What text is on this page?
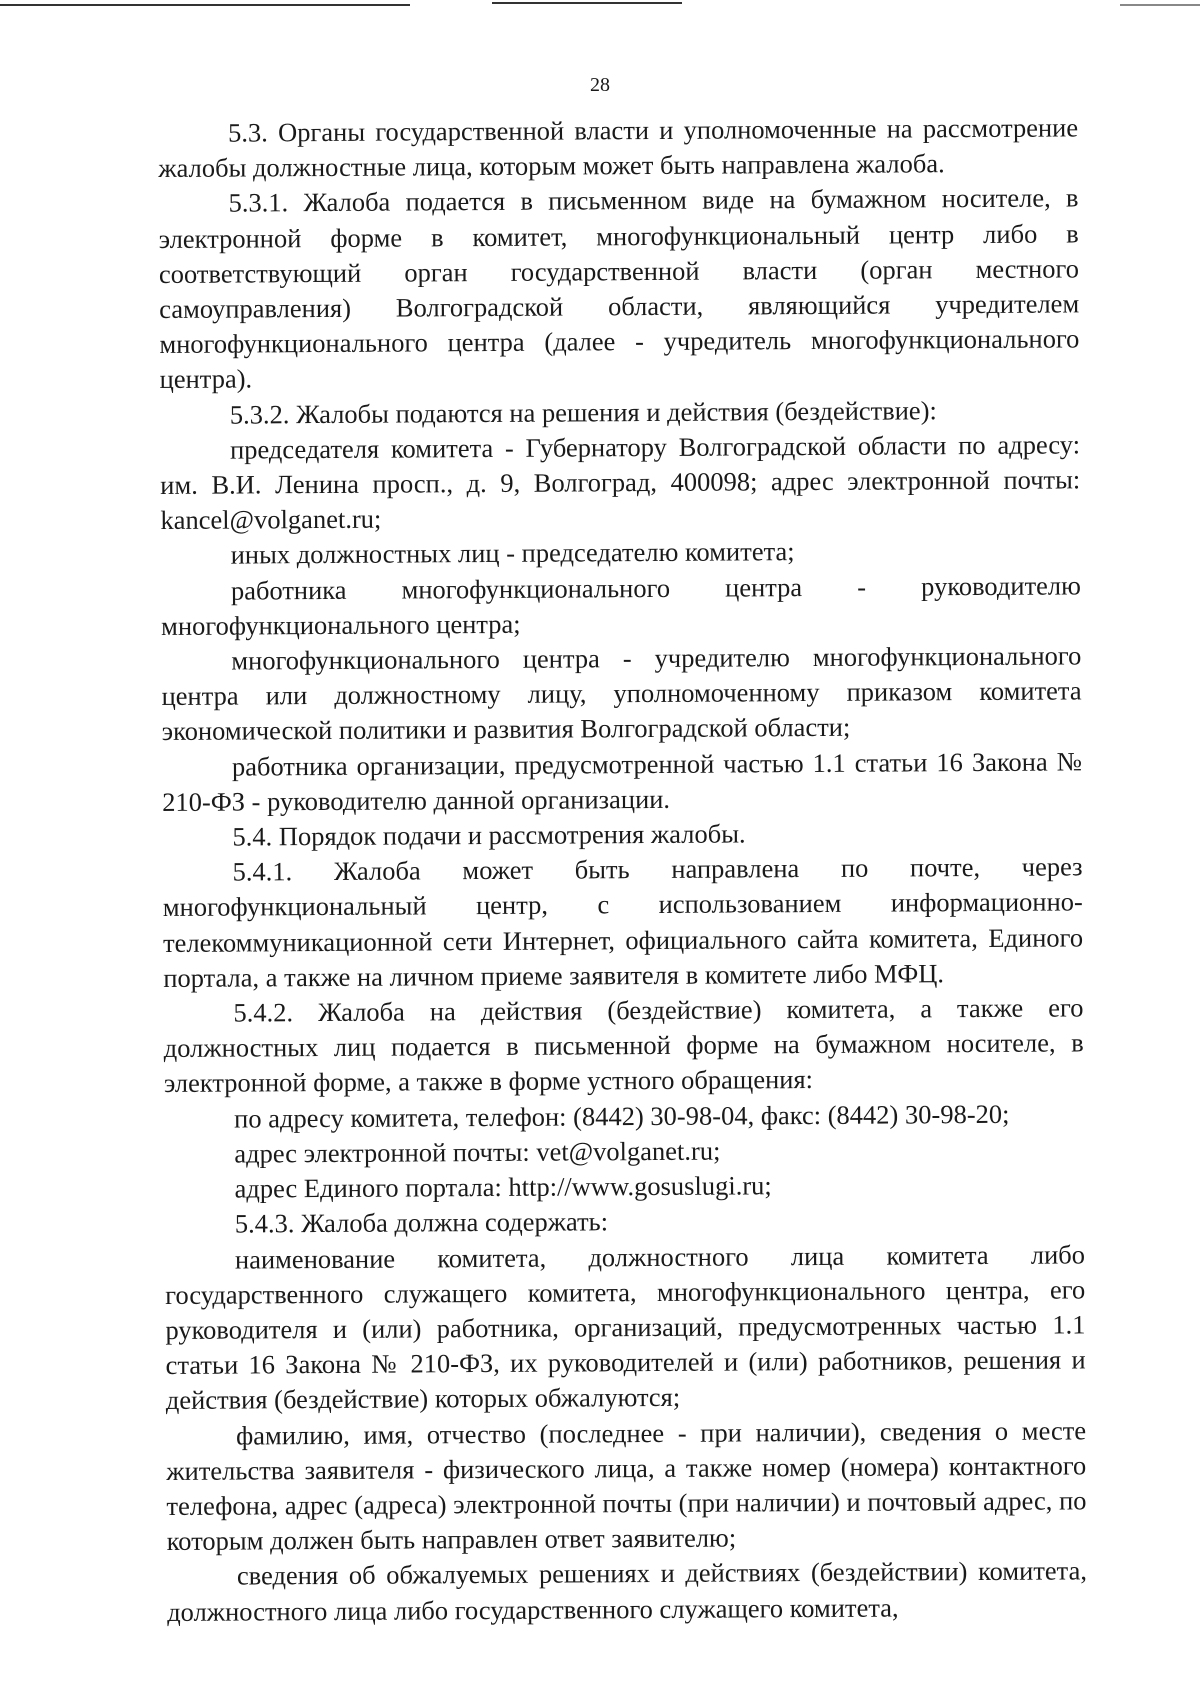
28

5.3. Органы государственной власти и уполномоченные на рассмотрение жалобы должностные лица, которым может быть направлена жалоба.

5.3.1. Жалоба подается в письменном виде на бумажном носителе, в электронной форме в комитет, многофункциональный центр либо в соответствующий орган государственной власти (орган местного самоуправления) Волгоградской области, являющийся учредителем многофункционального центра (далее - учредитель многофункционального центра).

5.3.2. Жалобы подаются на решения и действия (бездействие):

председателя комитета - Губернатору Волгоградской области по адресу: им. В.И. Ленина просп., д. 9, Волгоград, 400098; адрес электронной почты: kancel@volganet.ru;

иных должностных лиц - председателю комитета;

работника многофункционального центра - руководителю многофункционального центра;

многофункционального центра - учредителю многофункционального центра или должностному лицу, уполномоченному приказом комитета экономической политики и развития Волгоградской области;

работника организации, предусмотренной частью 1.1 статьи 16 Закона № 210-ФЗ - руководителю данной организации.

5.4. Порядок подачи и рассмотрения жалобы.

5.4.1. Жалоба может быть направлена по почте, через многофункциональный центр, с использованием информационно-телекоммуникационной сети Интернет, официального сайта комитета, Единого портала, а также на личном приеме заявителя в комитете либо МФЦ.

5.4.2. Жалоба на действия (бездействие) комитета, а также его должностных лиц подается в письменной форме на бумажном носителе, в электронной форме, а также в форме устного обращения:

по адресу комитета, телефон: (8442) 30-98-04, факс: (8442) 30-98-20;

адрес электронной почты: vet@volganet.ru;

адрес Единого портала: http://www.gosuslugi.ru;

5.4.3. Жалоба должна содержать:

наименование комитета, должностного лица комитета либо государственного служащего комитета, многофункционального центра, его руководителя и (или) работника, организаций, предусмотренных частью 1.1 статьи 16 Закона № 210-ФЗ, их руководителей и (или) работников, решения и действия (бездействие) которых обжалуются;

фамилию, имя, отчество (последнее - при наличии), сведения о месте жительства заявителя - физического лица, а также номер (номера) контактного телефона, адрес (адреса) электронной почты (при наличии) и почтовый адрес, по которым должен быть направлен ответ заявителю;

сведения об обжалуемых решениях и действиях (бездействии) комитета, должностного лица либо государственного служащего комитета,
